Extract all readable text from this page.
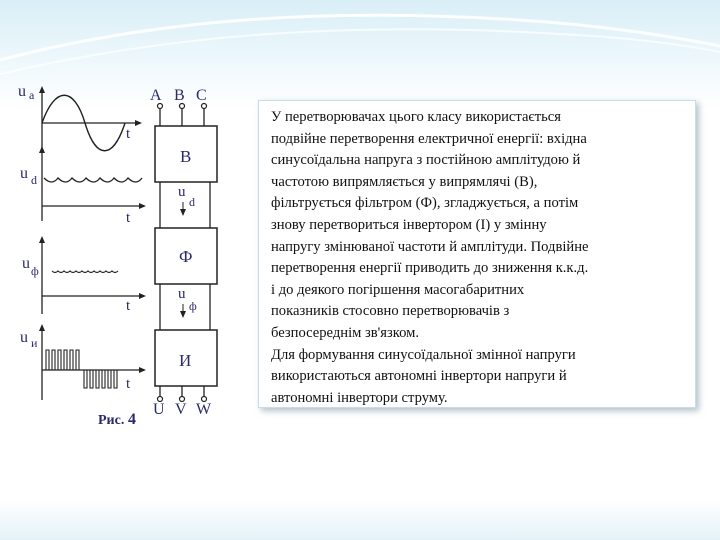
u a
t
u d
t
u ф
t
u и
t
A B C
В
u
d
Ф
u
ф
И
U V W
Рис. 4

У перетворювачах цього класу використається
подвійне перетворення електричної енергії: вхідна
синусоїдальна напруга з постійною амплітудою й
частотою випрямляється у випрямлячі (В),
фільтрується фільтром (Ф), згладжується, а потім
знову перетвориться інвертором (І) у змінну
напругу змінюваної частоти й амплітуди. Подвійне
перетворення енергії приводить до зниження к.к.д.
і до деякого погіршення масогабаритних
показників стосовно перетворювачів з
безпосереднім зв'язком.

Для формування синусоїдальної змінної напруги
використаються автономні інвертори напруги й
автономні інвертори струму.
